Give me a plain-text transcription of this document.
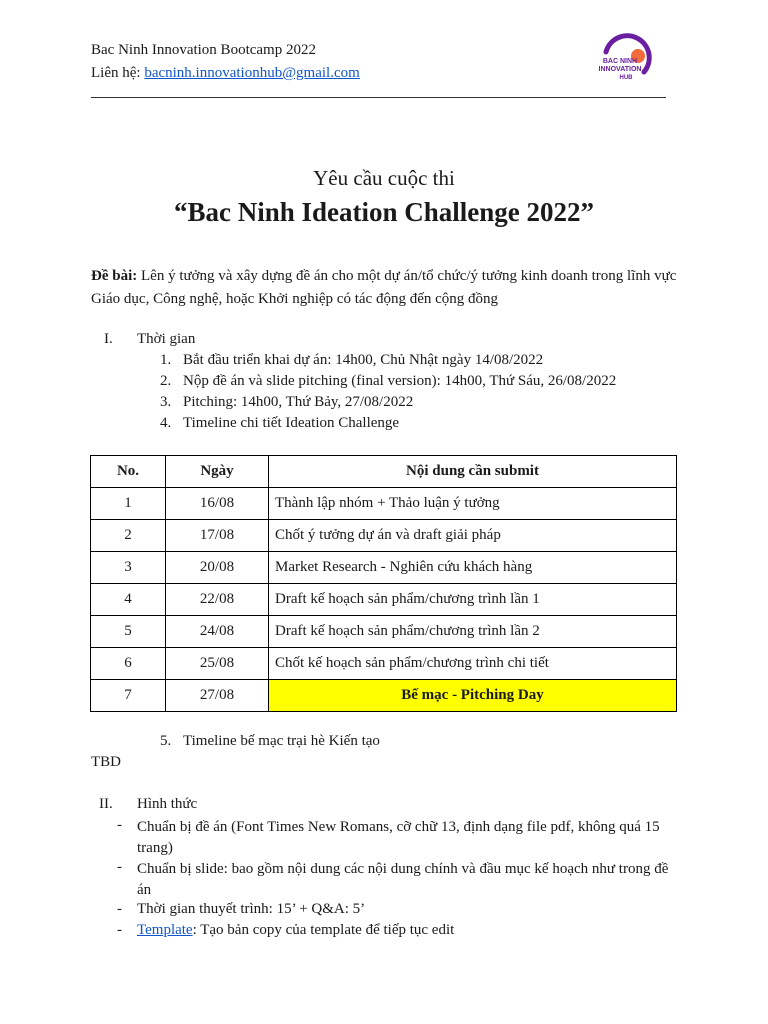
Bac Ninh Innovation Bootcamp 2022
Liên hệ: bacninh.innovationhub@gmail.com
BAC NINH
INNOVATION
HUB
Yêu cầu cuộc thi
“Bac Ninh Ideation Challenge 2022”
Đề bài: Lên ý tưởng và xây dựng đề án cho một dự án/tổ chức/ý tưởng kinh doanh trong lĩnh vực Giáo dục, Công nghệ, hoặc Khởi nghiệp có tác động đến cộng đồng
I. Thời gian
1. Bắt đầu triển khai dự án: 14h00, Chủ Nhật ngày 14/08/2022
2. Nộp đề án và slide pitching (final version): 14h00, Thứ Sáu, 26/08/2022
3. Pitching: 14h00, Thứ Bảy, 27/08/2022
4. Timeline chi tiết Ideation Challenge
No.	Ngày	Nội dung cần submit
1	16/08	Thành lập nhóm + Thảo luận ý tưởng
2	17/08	Chốt ý tưởng dự án và draft giải pháp
3	20/08	Market Research - Nghiên cứu khách hàng
4	22/08	Draft kế hoạch sản phẩm/chương trình lần 1
5	24/08	Draft kế hoạch sản phẩm/chương trình lần 2
6	25/08	Chốt kế hoạch sản phẩm/chương trình chi tiết
7	27/08	Bế mạc - Pitching Day
5. Timeline bế mạc trại hè Kiến tạo
TBD
II. Hình thức
- Chuẩn bị đề án (Font Times New Romans, cỡ chữ 13, định dạng file pdf, không quá 15 trang)
- Chuẩn bị slide: bao gồm nội dung các nội dung chính và đầu mục kế hoạch như trong đề án
- Thời gian thuyết trình: 15’ + Q&A: 5’
- Template: Tạo bản copy của template để tiếp tục edit
